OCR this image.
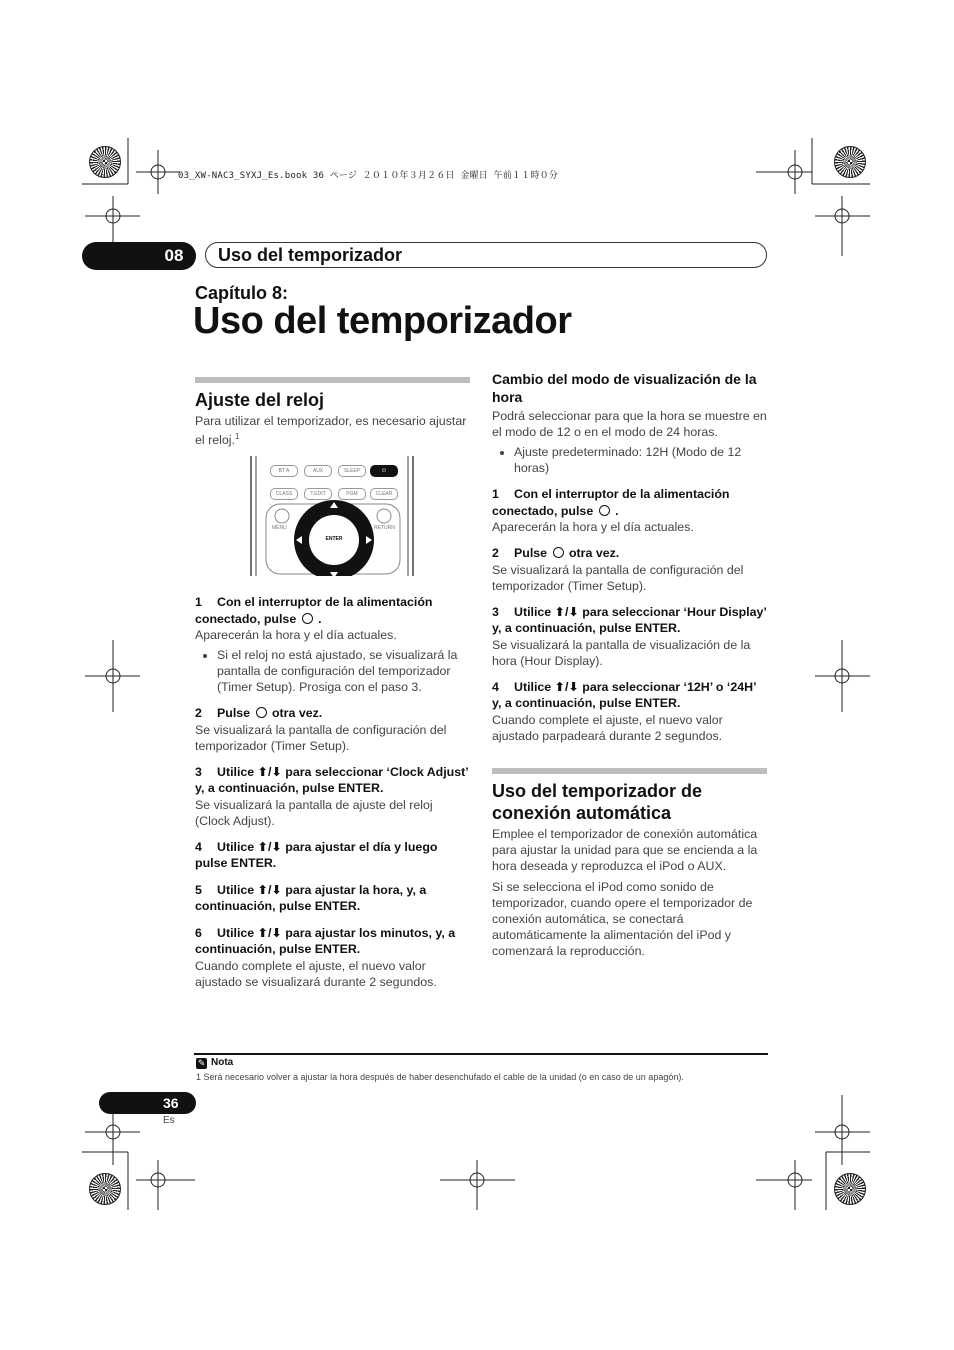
03_XW-NAC3_SYXJ_Es.book 36 ページ ２０１０年３月２６日 金曜日 午前１１時０分
Uso del temporizador
08
Capítulo 8:
Uso del temporizador
Ajuste del reloj

Para utilizar el temporizador, es necesario ajustar el reloj.$^1$

1 Con el interruptor de la alimentación conectado, pulse .

Aparecerán la hora y el día actuales.

• Si el reloj no está ajustado, se visualizará la pantalla de configuración del temporizador (Timer Setup). Prosiga con el paso 3.
2 Pulse otra vez.

Se visualizará la pantalla de configuración del temporizador (Timer Setup).

3 Utilice ⬆/⬇ para seleccionar ‘Clock Adjust’ y, a continuación, pulse ENTER.

Se visualizará la pantalla de ajuste del reloj (Clock Adjust).

4 Utilice ⬆/⬇ para ajustar el día y luego pulse ENTER.
5 Utilice ⬆/⬇ para ajustar la hora, y, a continuación, pulse ENTER.
6 Utilice ⬆/⬇ para ajustar los minutos, y, a continuación, pulse ENTER.

Cuando complete el ajuste, el nuevo valor ajustado se visualizará durante 2 segundos.

BT A	AUX	SLEEP	⏻
CLASS	T.EDIT	PGM	CLEAR
MENU	RETURN
ENTER
Cambio del modo de visualización de la hora

Podrá seleccionar para que la hora se muestre en el modo de 12 o en el modo de 24 horas.

• Ajuste predeterminado: 12H (Modo de 12 horas)
1 Con el interruptor de la alimentación conectado, pulse .

Aparecerán la hora y el día actuales.

2 Pulse otra vez.

Se visualizará la pantalla de configuración del temporizador (Timer Setup).

3 Utilice ⬆/⬇ para seleccionar ‘Hour Display’ y, a continuación, pulse ENTER.

Se visualizará la pantalla de visualización de la hora (Hour Display).

4 Utilice ⬆/⬇ para seleccionar ‘12H’ o ‘24H’ y, a continuación, pulse ENTER.

Cuando complete el ajuste, el nuevo valor ajustado parpadeará durante 2 segundos.

Uso del temporizador de conexión automática

Emplee el temporizador de conexión automática para ajustar la unidad para que se encienda a la hora deseada y reproduzca el iPod o AUX.

Si se selecciona el iPod como sonido de temporizador, cuando opere el temporizador de conexión automática, se conectará automáticamente la alimentación del iPod y comenzará la reproducción.

✎ Nota
1 Será necesario volver a ajustar la hora después de haber desenchufado el cable de la unidad (o en caso de un apagón).
36
Es
